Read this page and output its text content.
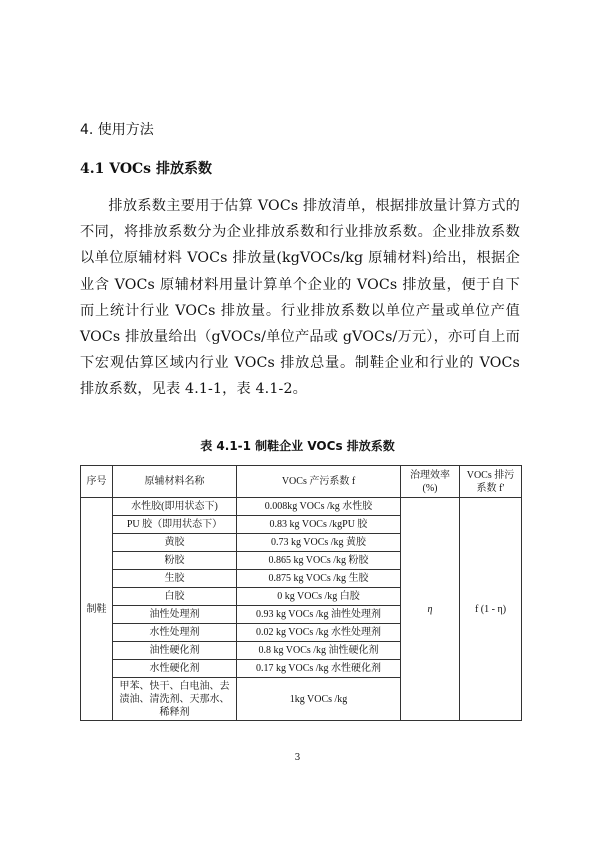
4. 使用方法
4.1 VOCs 排放系数

排放系数主要用于估算 VOCs 排放清单，根据排放量计算方式的不同，将排放系数分为企业排放系数和行业排放系数。企业排放系数以单位原辅材料 VOCs 排放量(kgVOCs/kg 原辅材料)给出，根据企业含 VOCs 原辅材料用量计算单个企业的 VOCs 排放量，便于自下而上统计行业 VOCs 排放量。行业排放系数以单位产量或单位产值 VOCs 排放量给出（gVOCs/单位产品或 gVOCs/万元），亦可自上而下宏观估算区域内行业 VOCs 排放总量。制鞋企业和行业的 VOCs 排放系数，见表 4.1-1，表 4.1-2。

表 4.1-1 制鞋企业 VOCs 排放系数
序号	原辅材料名称	VOCs 产污系数 f	治理效率(%)	VOCs 排污系数 f′
制鞋	水性胶(即用状态下)	0.008kg VOCs /kg 水性胶	η	f (1 - η)
	PU 胶（即用状态下）	0.83 kg VOCs /kgPU 胶		
	黄胶	0.73 kg VOCs /kg 黄胶		
	粉胶	0.865 kg VOCs /kg 粉胶		
	生胶	0.875 kg VOCs /kg 生胶		
	白胶	0 kg VOCs /kg 白胶		
	油性处理剂	0.93 kg VOCs /kg 油性处理剂		
	水性处理剂	0.02 kg VOCs /kg 水性处理剂		
	油性硬化剂	0.8 kg VOCs /kg 油性硬化剂		
	水性硬化剂	0.17 kg VOCs /kg 水性硬化剂		
	甲苯、快干、白电油、去渍油、清洗剂、天那水、稀释剂	1kg VOCs /kg		
3
